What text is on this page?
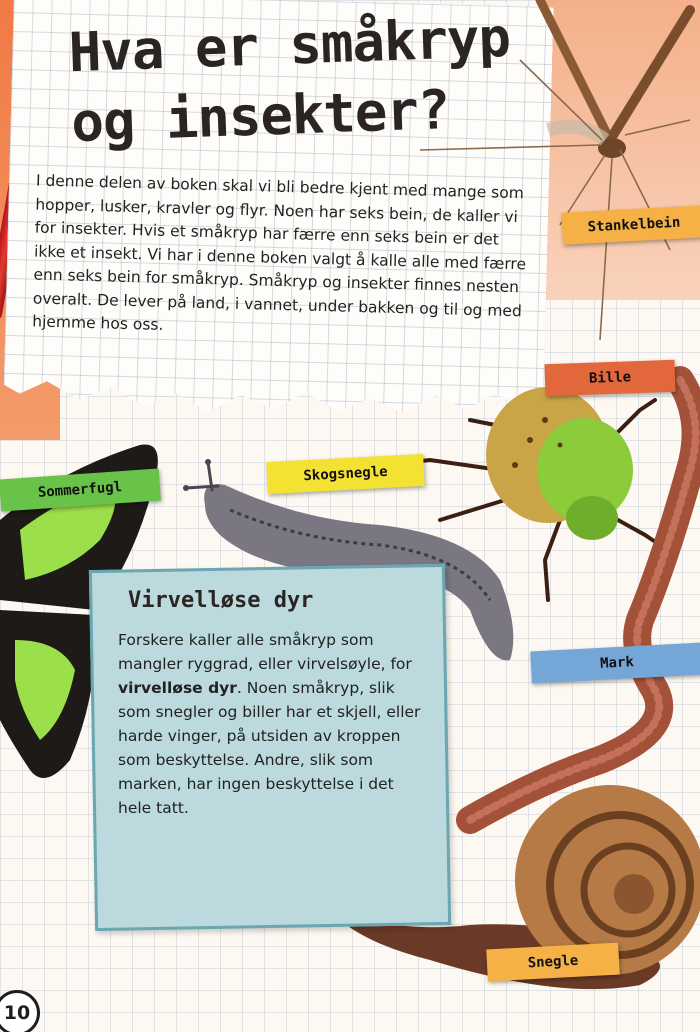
Hva er småkryp
og insekter?

I denne delen av boken skal vi bli bedre kjent med mange som hopper, lusker, kravler og flyr. Noen har seks bein, de kaller vi for insekter. Hvis et småkryp har færre enn seks bein er det ikke et insekt. Vi har i denne boken valgt å kalle alle med færre enn seks bein for småkryp. Småkryp og insekter finnes nesten overalt. De lever på land, i vannet, under bakken og til og med hjemme hos oss.

Stankelbein
Bille
Skogsnegle
Sommerfugl
Mark
Snegle
Virvelløse dyr

Forskere kaller alle småkryp som mangler ryggrad, eller virvelsøyle, for virvelløse dyr. Noen småkryp, slik som snegler og biller har et skjell, eller harde vinger, på utsiden av kroppen som beskyttelse. Andre, slik som marken, har ingen beskyttelse i det hele tatt.

10
